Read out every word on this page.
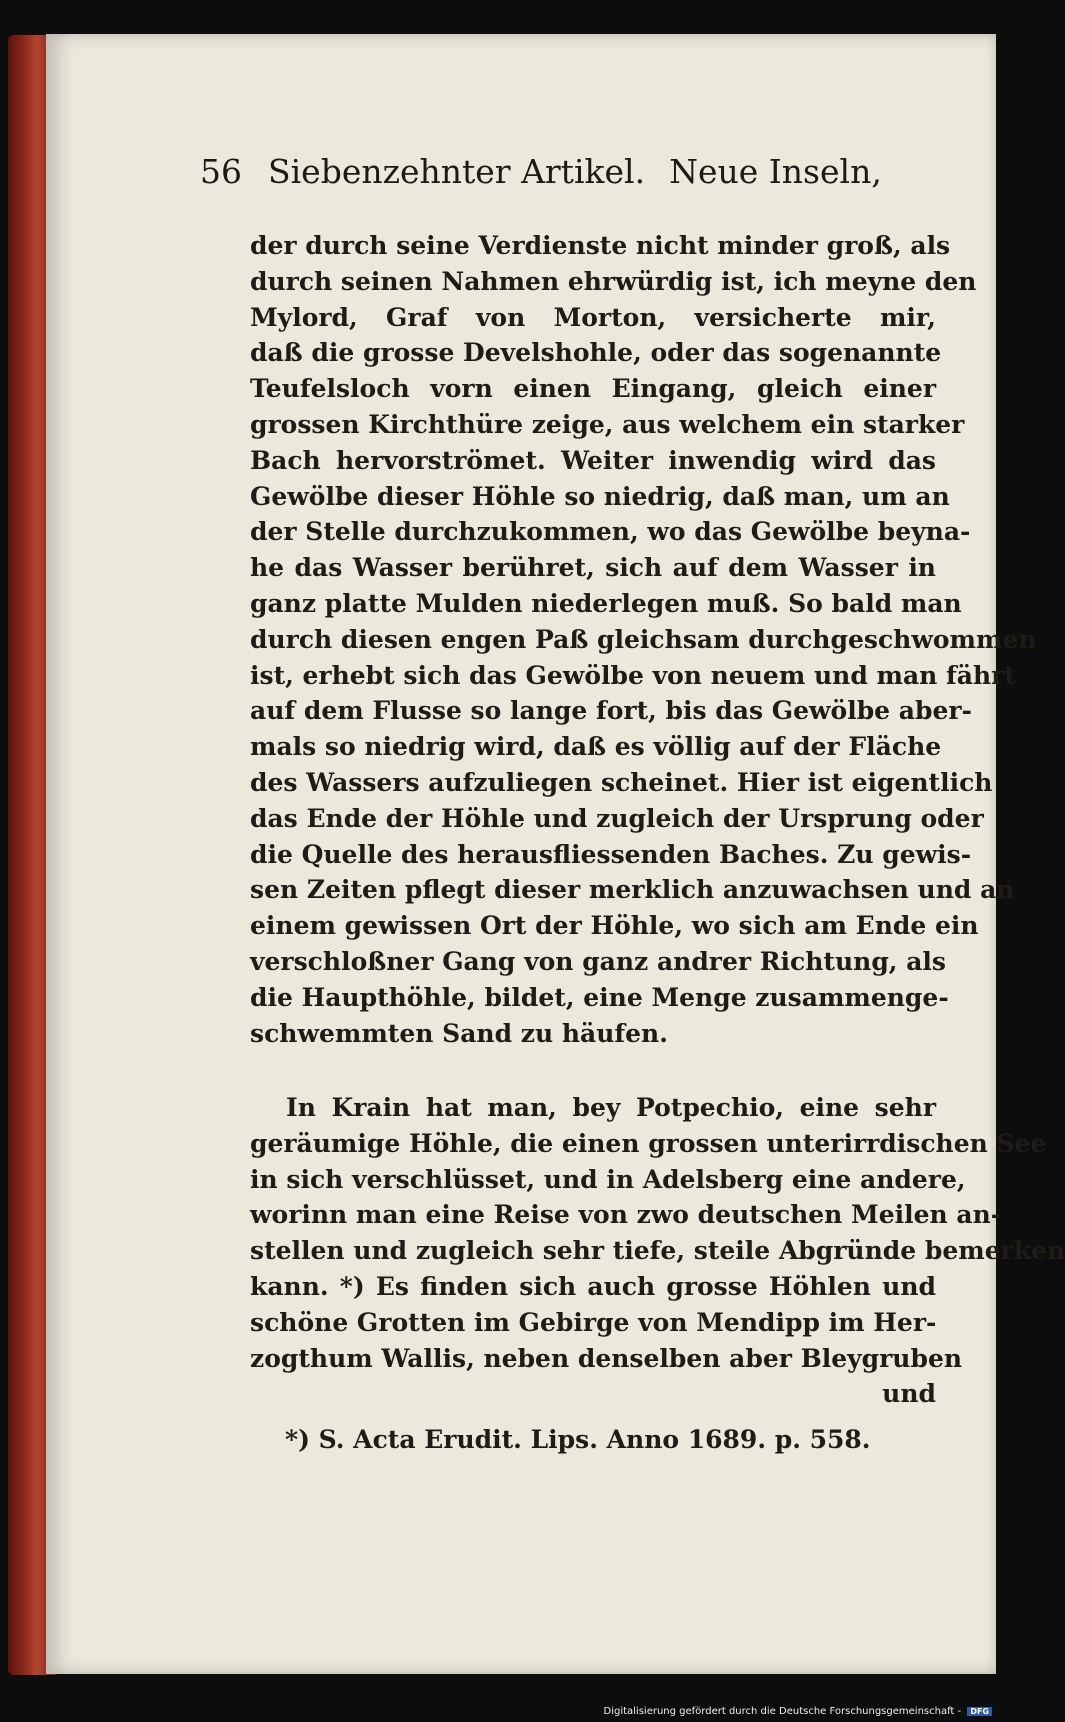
56 Siebenzehnter Artikel. Neue Inseln,
der durch seine Verdienste nicht minder groß, als
durch seinen Nahmen ehrwürdig ist, ich meyne den
Mylord, Graf von Morton, versicherte mir,
daß die grosse Develshohle, oder das sogenannte
Teufelsloch vorn einen Eingang, gleich einer
grossen Kirchthüre zeige, aus welchem ein starker
Bach hervorströmet. Weiter inwendig wird das
Gewölbe dieser Höhle so niedrig, daß man, um an
der Stelle durchzukommen, wo das Gewölbe beyna-
he das Wasser berühret, sich auf dem Wasser in
ganz platte Mulden niederlegen muß. So bald man
durch diesen engen Paß gleichsam durchgeschwommen
ist, erhebt sich das Gewölbe von neuem und man fährt
auf dem Flusse so lange fort, bis das Gewölbe aber-
mals so niedrig wird, daß es völlig auf der Fläche
des Wassers aufzuliegen scheinet. Hier ist eigentlich
das Ende der Höhle und zugleich der Ursprung oder
die Quelle des herausfliessenden Baches. Zu gewis-
sen Zeiten pflegt dieser merklich anzuwachsen und an
einem gewissen Ort der Höhle, wo sich am Ende ein
verschloßner Gang von ganz andrer Richtung, als
die Haupthöhle, bildet, eine Menge zusammenge-
schwemmten Sand zu häufen.
In Krain hat man, bey Potpechio, eine sehr
geräumige Höhle, die einen grossen unterirrdischen See
in sich verschlüsset, und in Adelsberg eine andere,
worinn man eine Reise von zwo deutschen Meilen an-
stellen und zugleich sehr tiefe, steile Abgründe bemerken
kann. *) Es finden sich auch grosse Höhlen und
schöne Grotten im Gebirge von Mendipp im Her-
zogthum Wallis, neben denselben aber Bleygruben
und
*) S. Acta Erudit. Lips. Anno 1689. p. 558.
Digitalisierung gefördert durch die Deutsche Forschungsgemeinschaft - DFG
